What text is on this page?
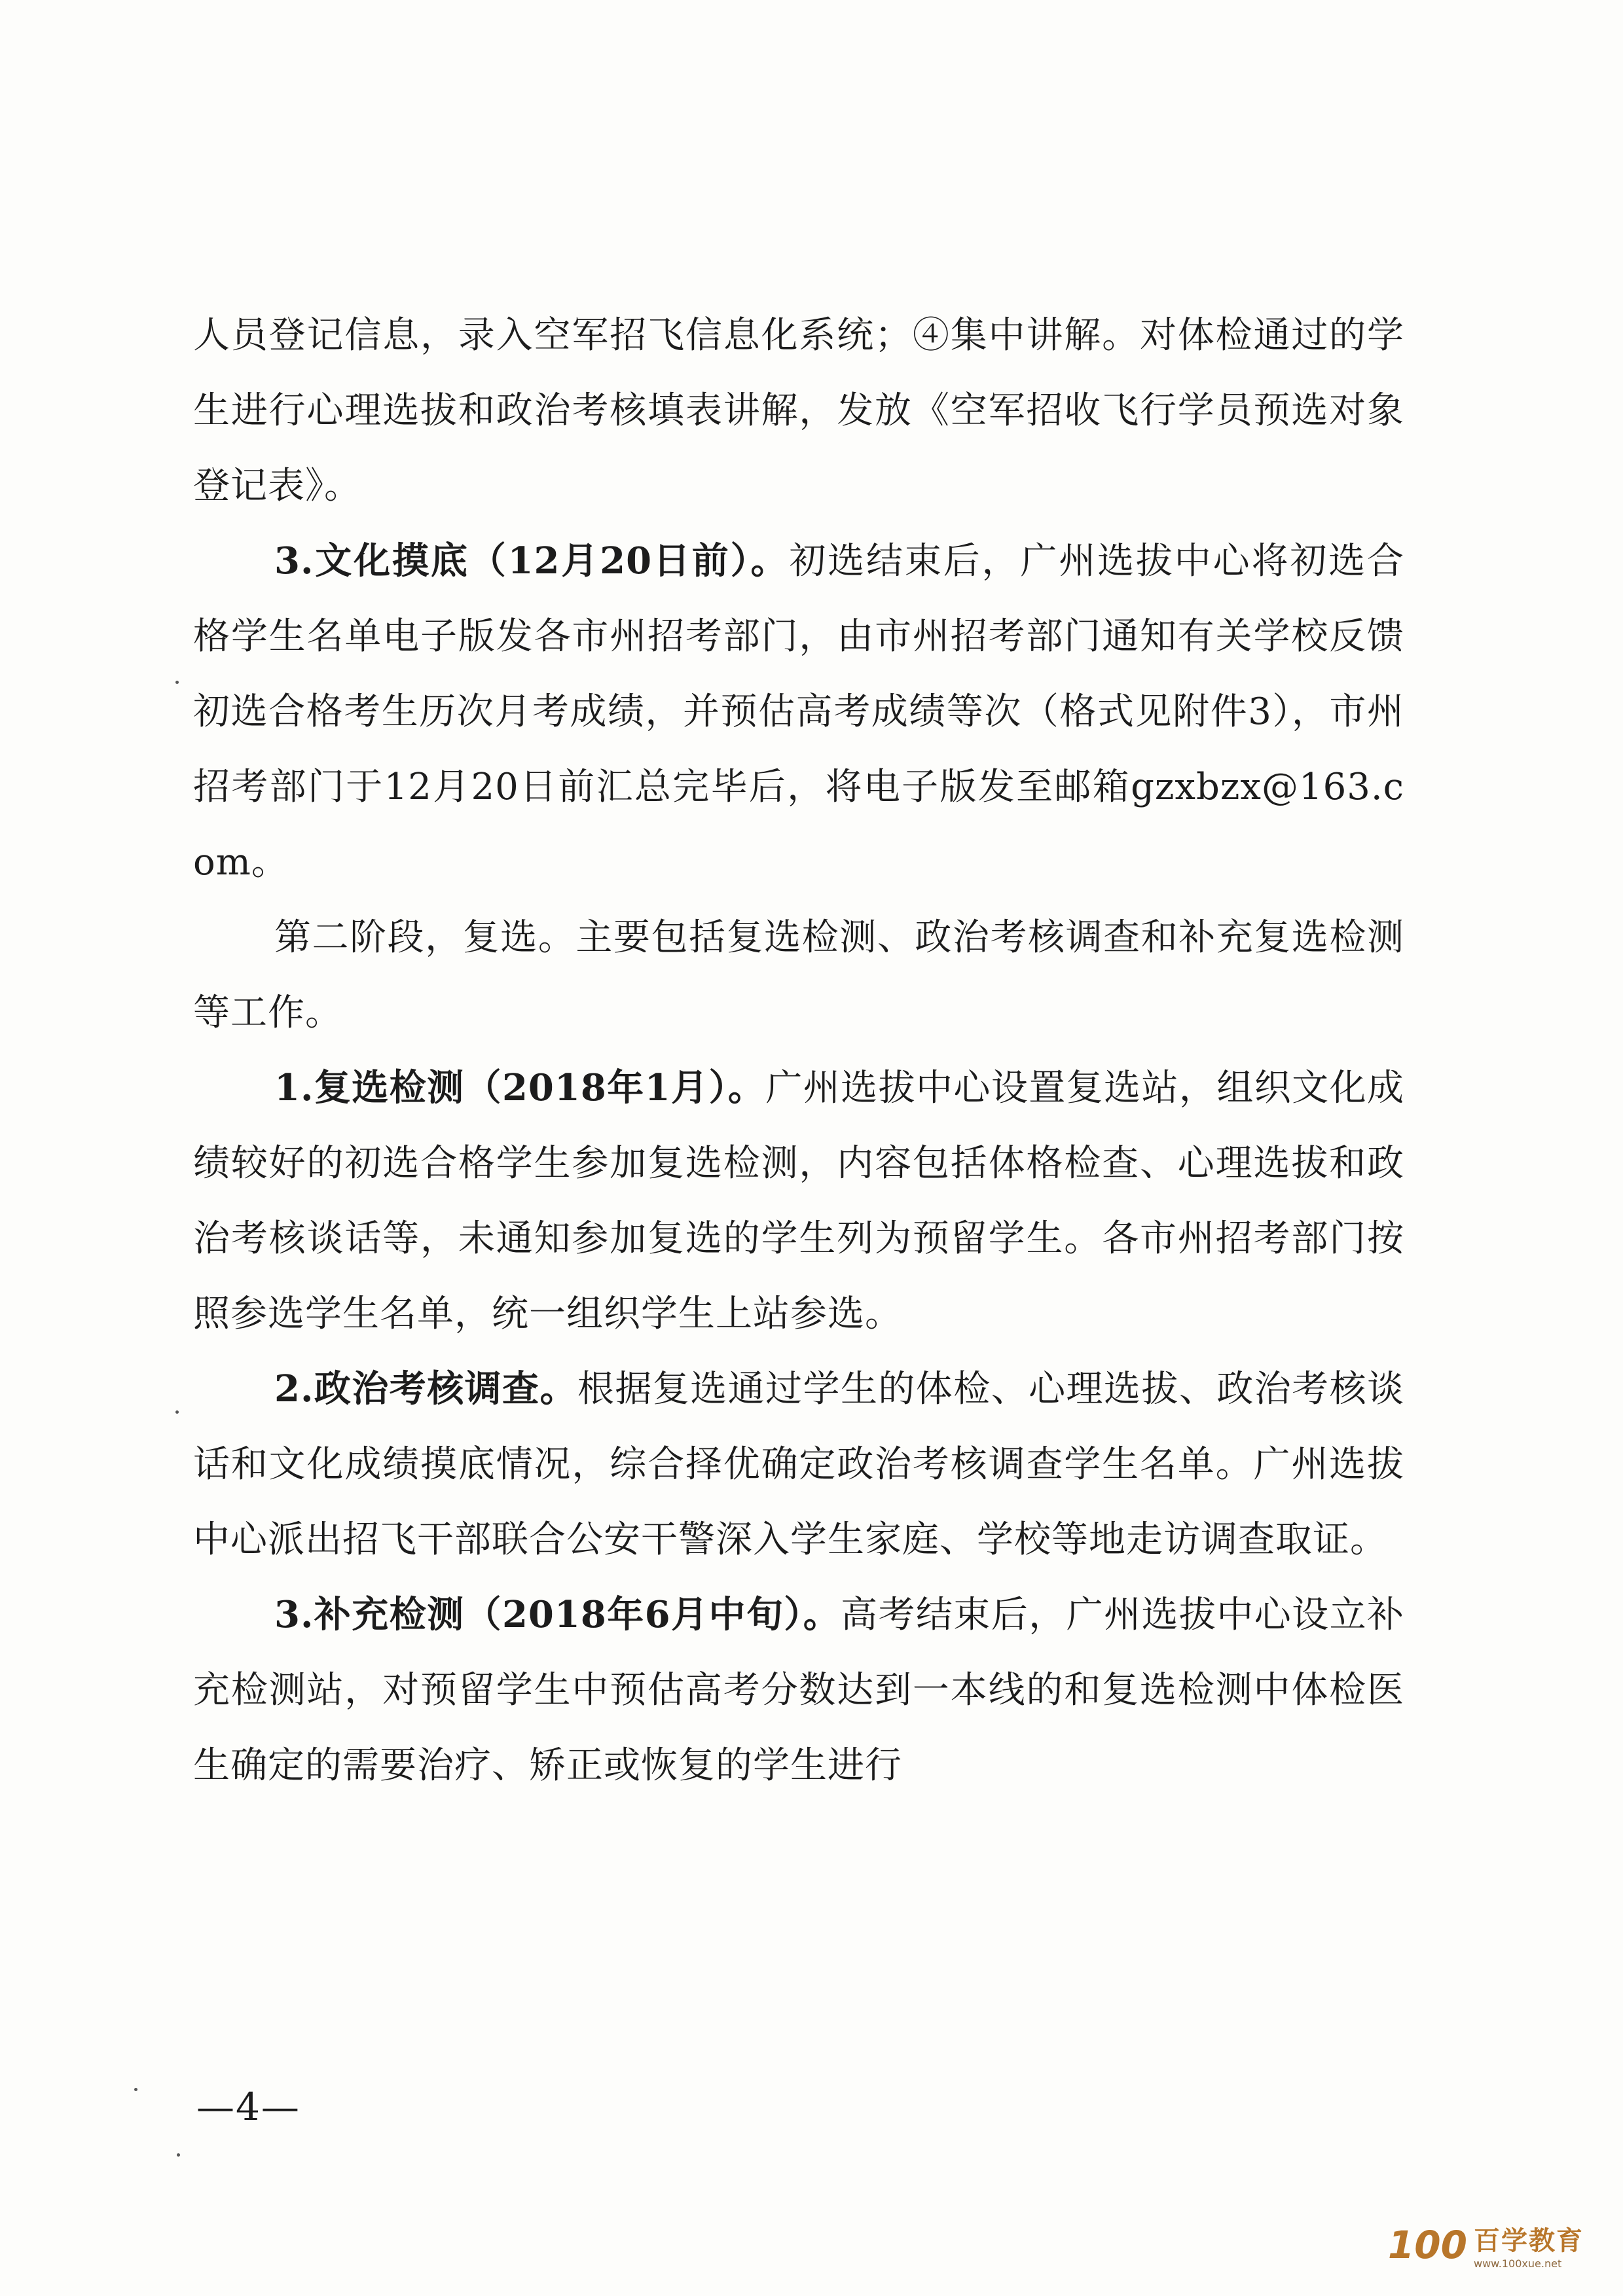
人员登记信息，录入空军招飞信息化系统；④集中讲解。对体检通过的学生进行心理选拔和政治考核填表讲解，发放《空军招收飞行学员预选对象登记表》。

3.文化摸底（12月20日前）。初选结束后，广州选拔中心将初选合格学生名单电子版发各市州招考部门，由市州招考部门通知有关学校反馈初选合格考生历次月考成绩，并预估高考成绩等次（格式见附件3），市州招考部门于12月20日前汇总完毕后，将电子版发至邮箱gzxbzx@163.com。

第二阶段，复选。主要包括复选检测、政治考核调查和补充复选检测等工作。

1.复选检测（2018年1月）。广州选拔中心设置复选站，组织文化成绩较好的初选合格学生参加复选检测，内容包括体格检查、心理选拔和政治考核谈话等，未通知参加复选的学生列为预留学生。各市州招考部门按照参选学生名单，统一组织学生上站参选。

2.政治考核调查。根据复选通过学生的体检、心理选拔、政治考核谈话和文化成绩摸底情况，综合择优确定政治考核调查学生名单。广州选拔中心派出招飞干部联合公安干警深入学生家庭、学校等地走访调查取证。

3.补充检测（2018年6月中旬）。高考结束后，广州选拔中心设立补充检测站，对预留学生中预估高考分数达到一本线的和复选检测中体检医生确定的需要治疗、矫正或恢复的学生进行

—4—
100 百学教育
www.100xue.net
